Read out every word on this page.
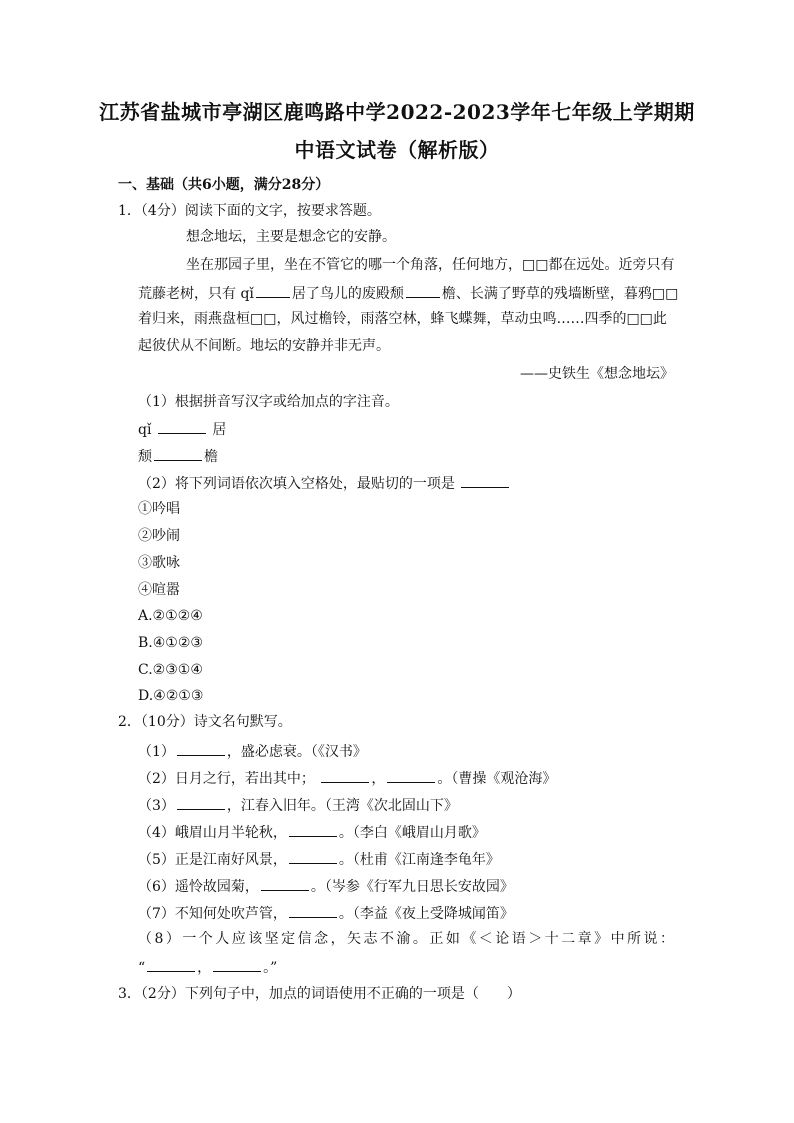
江苏省盐城市亭湖区鹿鸣路中学2022-2023学年七年级上学期期
中语文试卷（解析版）
一、基础（共6小题，满分28分）
1．（4分）阅读下面的文字，按要求答题。
想念地坛，主要是想念它的安静。
坐在那园子里，坐在不管它的哪一个角落，任何地方，□□都在远处。近旁只有
荒藤老树，只有 qǐ	居了鸟儿的废殿颓	檐、长满了野草的残墙断壁，暮鸦□□
着归来，雨燕盘桓□□，风过檐铃，雨落空林，蜂飞蝶舞，草动虫鸣……四季的□□此
起彼伏从不间断。地坛的安静并非无声。
——史铁生《想念地坛》
（1）根据拼音写汉字或给加点的字注音。
qǐ	居
颓	檐
（2）将下列词语依次填入空格处，最贴切的一项是
①吟唱
②吵闹
③歌咏
④喧嚣
A.②①②④
B.④①②③
C.②③①④
D.④②①③
2．（10分）诗文名句默写。
（1）	，盛必虑衰。（《汉书》
（2）日月之行，若出其中；	，	。（曹操《观沧海》
（3）	，江春入旧年。（王湾《次北固山下》
（4）峨眉山月半轮秋，	。（李白《峨眉山月歌》
（5）正是江南好风景，	。（杜甫《江南逢李龟年》
（6）遥怜故园菊，	。（岑参《行军九日思长安故园》
（7）不知何处吹芦管，	。（李益《夜上受降城闻笛》
（8）一个人应该坚定信念，矢志不渝。正如《＜论语＞十二章》中所说：
“	，	。”
3．（2分）下列句子中，加点的词语使用不正确的一项是（　　）
